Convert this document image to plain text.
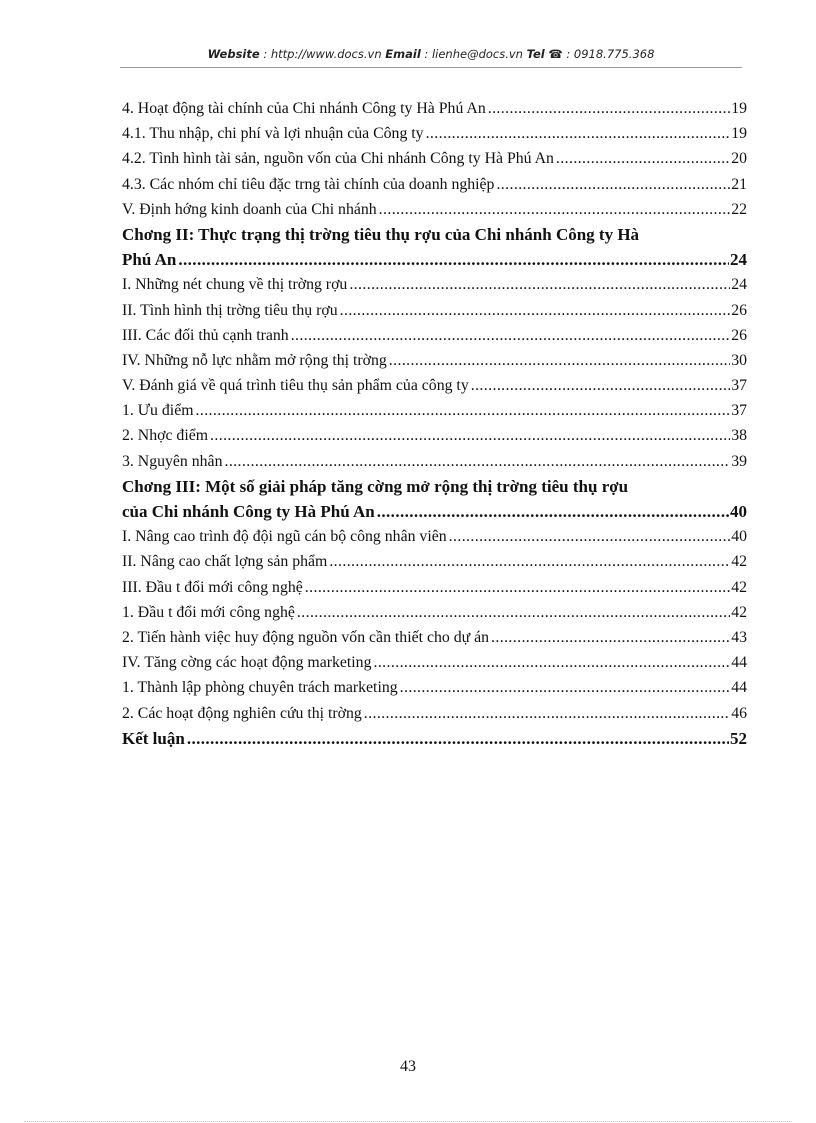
Website : http://www.docs.vn Email : lienhe@docs.vn Tel ☎ : 0918.775.368
4. Hoạt động tài chính của Chi nhánh Công ty Hà Phú An .....	19
4.1. Thu nhập, chi phí và lợi nhuận của Công ty .....	19
4.2. Tình hình tài sản, nguồn vốn của Chi nhánh Công ty Hà Phú An .....	20
4.3. Các nhóm chỉ tiêu đặc trng tài chính của doanh nghiệp .....	21
V. Định hớng kinh doanh của Chi nhánh .....	22
Chơng II: Thực trạng thị trờng tiêu thụ rợu của Chi nhánh Công ty Hà
Phú An .....	24
I. Những nét chung về thị trờng rợu .....	24
II. Tình hình thị trờng tiêu thụ rợu .....	26
III. Các đối thủ cạnh tranh .....	26
IV. Những nỗ lực nhằm mở rộng thị trờng .....	30
V. Đánh giá về quá trình tiêu thụ sản phẩm của công ty .....	37
1. Ưu điểm .....	37
2. Nhợc điểm .....	38
3. Nguyên nhân .....	39
Chơng III: Một số giải pháp tăng cờng mở rộng thị trờng tiêu thụ rợu
của Chi nhánh Công ty Hà Phú An .....	40
I. Nâng cao trình độ đội ngũ cán bộ công nhân viên .....	40
II. Nâng cao chất lợng sản phẩm .....	42
III. Đầu t đổi mới công nghệ .....	42
1. Đầu t đổi mới công nghệ .....	42
2. Tiến hành việc huy động nguồn vốn cần thiết cho dự án .....	43
IV. Tăng cờng các hoạt động marketing .....	44
1. Thành lập phòng chuyên trách marketing .....	44
2. Các hoạt động nghiên cứu thị trờng .....	46
Kết luận .....	52
43
